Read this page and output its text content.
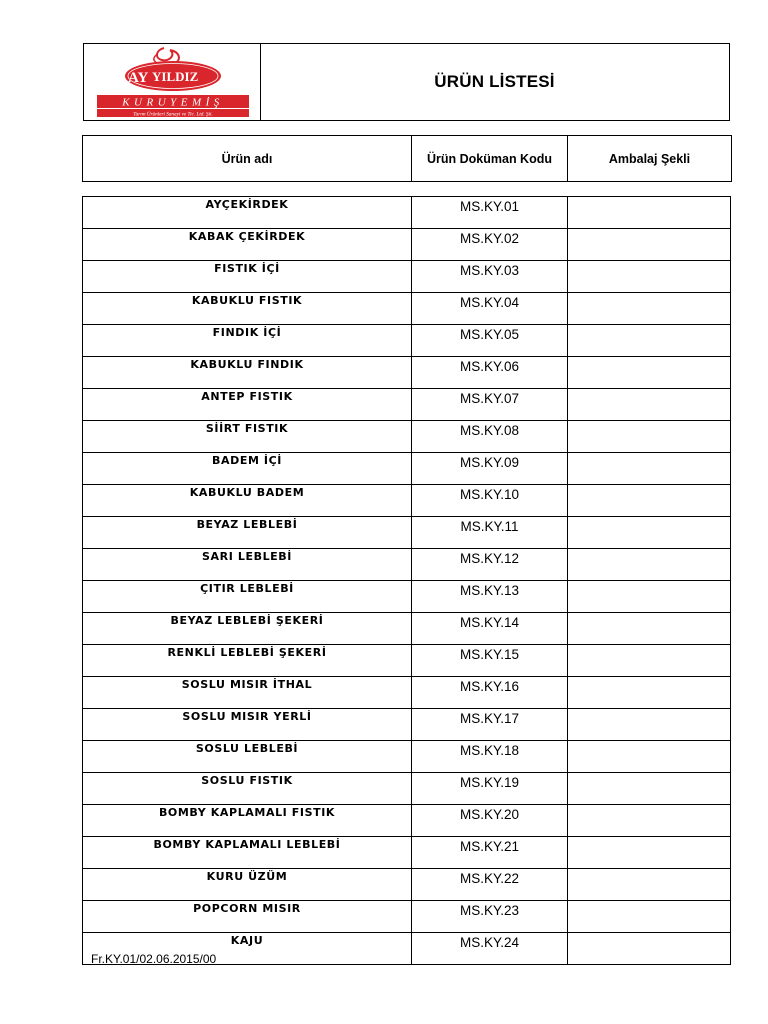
AY YILDIZ
KURUYEMİŞ
Tarım Ürünleri Sanayi ve Tic. Ltd. Şti.
ÜRÜN LİSTESİ
Ürün adı	Ürün Doküman Kodu	Ambalaj Şekli
AYÇEKİRDEK	MS.KY.01	
KABAK ÇEKİRDEK	MS.KY.02	
FISTIK İÇİ	MS.KY.03	
KABUKLU FISTIK	MS.KY.04	
FINDIK İÇİ	MS.KY.05	
KABUKLU FINDIK	MS.KY.06	
ANTEP FISTIK	MS.KY.07	
SİİRT FISTIK	MS.KY.08	
BADEM İÇİ	MS.KY.09	
KABUKLU BADEM	MS.KY.10	
BEYAZ LEBLEBİ	MS.KY.11	
SARI LEBLEBİ	MS.KY.12	
ÇITIR LEBLEBİ	MS.KY.13	
BEYAZ LEBLEBİ ŞEKERİ	MS.KY.14	
RENKLİ LEBLEBİ ŞEKERİ	MS.KY.15	
SOSLU MISIR İTHAL	MS.KY.16	
SOSLU MISIR YERLİ	MS.KY.17	
SOSLU LEBLEBİ	MS.KY.18	
SOSLU FISTIK	MS.KY.19	
BOMBY KAPLAMALI FISTIK	MS.KY.20	
BOMBY KAPLAMALI LEBLEBİ	MS.KY.21	
KURU ÜZÜM	MS.KY.22	
POPCORN MISIR	MS.KY.23	
KAJU	MS.KY.24	
Fr.KY.01/02.06.2015/00
